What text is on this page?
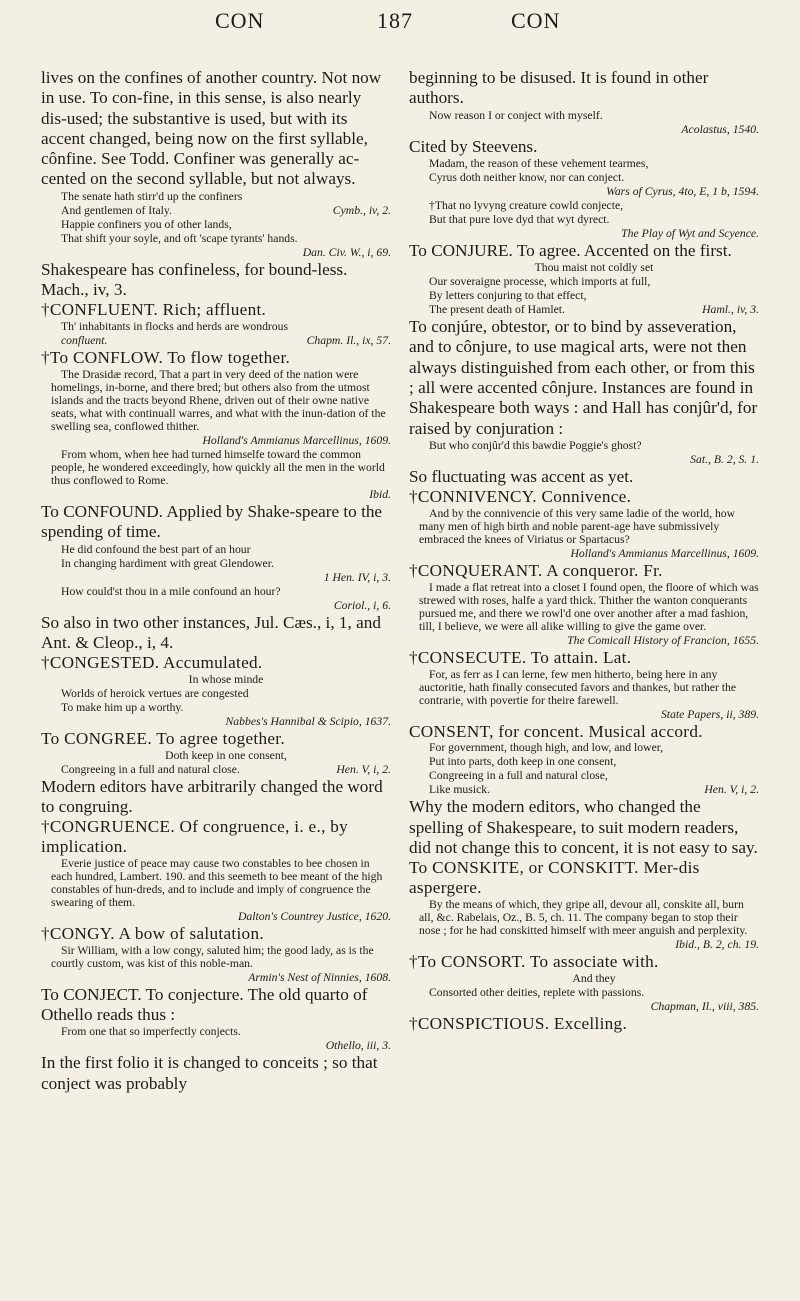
CON	187	CON

lives on the confines of another country. Not now in use. To con-fine, in this sense, is also nearly dis-used; the substantive is used, but with its accent changed, being now on the first syllable, cônfine. See Todd. Confiner was generally ac-cented on the second syllable, but not always.

The senate hath stirr'd up the confiners

And gentlemen of Italy.	Cymb., iv, 2.

Happie confiners you of other lands,

That shift your soyle, and oft 'scape tyrants' hands.

Dan. Civ. W., i, 69.

Shakespeare has confineless, for bound-less. Mach., iv, 3.

†CONFLUENT. Rich; affluent.

Th' inhabitants in flocks and herds are wondrous

confluent.	Chapm. Il., ix, 57.

†To CONFLOW. To flow together.

The Drasidæ record, That a part in very deed of the nation were homelings, in-borne, and there bred; but others also from the utmost islands and the tracts beyond Rhene, driven out of their owne native seats, what with continuall warres, and what with the inun-dation of the swelling sea, conflowed thither.

Holland's Ammianus Marcellinus, 1609.

From whom, when hee had turned himselfe toward the common people, he wondered exceedingly, how quickly all the men in the world thus conflowed to Rome.

Ibid.

To CONFOUND. Applied by Shake-speare to the spending of time.

He did confound the best part of an hour

In changing hardiment with great Glendower.

1 Hen. IV, i, 3.

How could'st thou in a mile confound an hour?

Coriol., i, 6.

So also in two other instances, Jul. Cæs., i, 1, and Ant. & Cleop., i, 4.

†CONGESTED. Accumulated.

In whose minde

Worlds of heroick vertues are congested

To make him up a worthy.

Nabbes's Hannibal & Scipio, 1637.

To CONGREE. To agree together.

Doth keep in one consent,

Congreeing in a full and natural close.	Hen. V, i, 2.

Modern editors have arbitrarily changed the word to congruing.

†CONGRUENCE. Of congruence, i. e., by implication.

Everie justice of peace may cause two constables to bee chosen in each hundred, Lambert. 190. and this seemeth to bee meant of the high constables of hun-dreds, and to include and imply of congruence the swearing of them.

Dalton's Countrey Justice, 1620.

†CONGY. A bow of salutation.

Sir William, with a low congy, saluted him; the good lady, as is the courtly custom, was kist of this noble-man.

Armin's Nest of Ninnies, 1608.

To CONJECT. To conjecture. The old quarto of Othello reads thus :

From one that so imperfectly conjects.

Othello, iii, 3.

In the first folio it is changed to conceits ; so that conject was probably

beginning to be disused. It is found in other authors.

Now reason I or conject with myself.

Acolastus, 1540.

Cited by Steevens.

Madam, the reason of these vehement tearmes,

Cyrus doth neither know, nor can conject.

Wars of Cyrus, 4to, E, 1 b, 1594.

†That no lyvyng creature cowld conjecte,

But that pure love dyd that wyt dyrect.

The Play of Wyt and Scyence.

To CONJURE. To agree. Accented on the first.

Thou maist not coldly set

Our soveraigne processe, which imports at full,

By letters conjuring to that effect,

The present death of Hamlet.	Haml., iv, 3.

To conjúre, obtestor, or to bind by asseveration, and to cônjure, to use magical arts, were not then always distinguished from each other, or from this ; all were accented cônjure. Instances are found in Shakespeare both ways : and Hall has conjûr'd, for raised by conjuration :

But who conjûr'd this bawdie Poggie's ghost?

Sat., B. 2, S. 1.

So fluctuating was accent as yet.

†CONNIVENCY. Connivence.

And by the connivencie of this very same ladie of the world, how many men of high birth and noble parent-age have submissively embraced the knees of Viriatus or Spartacus?

Holland's Ammianus Marcellinus, 1609.

†CONQUERANT. A conqueror. Fr.

I made a flat retreat into a closet I found open, the floore of which was strewed with roses, halfe a yard thick. Thither the wanton conquerants pursued me, and there we rowl'd one over another after a mad fashion, till, I believe, we were all alike willing to give the game over.

The Comicall History of Francion, 1655.

†CONSECUTE. To attain. Lat.

For, as ferr as I can lerne, few men hitherto, being here in any auctoritie, hath finally consecuted favors and thankes, but rather the contrarie, with povertie for theire farewell.

State Papers, ii, 389.

CONSENT, for concent. Musical accord.

For government, though high, and low, and lower,

Put into parts, doth keep in one consent,

Congreeing in a full and natural close,

Like musick.	Hen. V, i, 2.

Why the modern editors, who changed the spelling of Shakespeare, to suit modern readers, did not change this to concent, it is not easy to say.

To CONSKITE, or CONSKITT. Mer-dis aspergere.

By the means of which, they gripe all, devour all, conskite all, burn all, &c. Rabelais, Oz., B. 5, ch. 11. The company began to stop their nose ; for he had conskitted himself with meer anguish and perplexity.

Ibid., B. 2, ch. 19.

†To CONSORT. To associate with.

And they

Consorted other deities, replete with passions.

Chapman, Il., viii, 385.

†CONSPICTIOUS. Excelling.
